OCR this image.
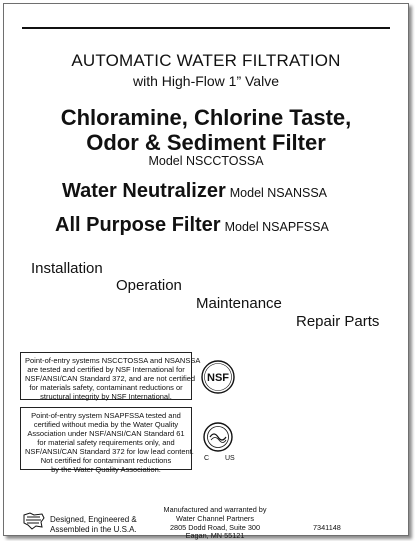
AUTOMATIC WATER FILTRATION
with High-Flow 1” Valve
Chloramine, Chlorine Taste,
Odor & Sediment Filter
Model NSCCTOSSA
Water Neutralizer Model NSANSSA
All Purpose Filter Model NSAPFSSA
Installation
Operation
Maintenance
Repair Parts
Point-of-entry systems NSCCTOSSA and NSANSSA
are tested and certified by NSF International for
NSF/ANSI/CAN Standard 372, and are not certified
for materials safety, contaminant reductions or
structural integrity by NSF International.
NSF
Point-of-entry system NSAPFSSA tested and
certified without media by the Water Quality
Association under NSF/ANSI/CAN Standard 61
for material safety requirements only, and
NSF/ANSI/CAN Standard 372 for low lead content.
Not certified for contaminant reductions
by the Water Quality Association.
C US
Designed, Engineered &
Assembled in the U.S.A.
Manufactured and warranted by
Water Channel Partners
2805 Dodd Road, Suite 300
Eagan, MN 55121
7341148
